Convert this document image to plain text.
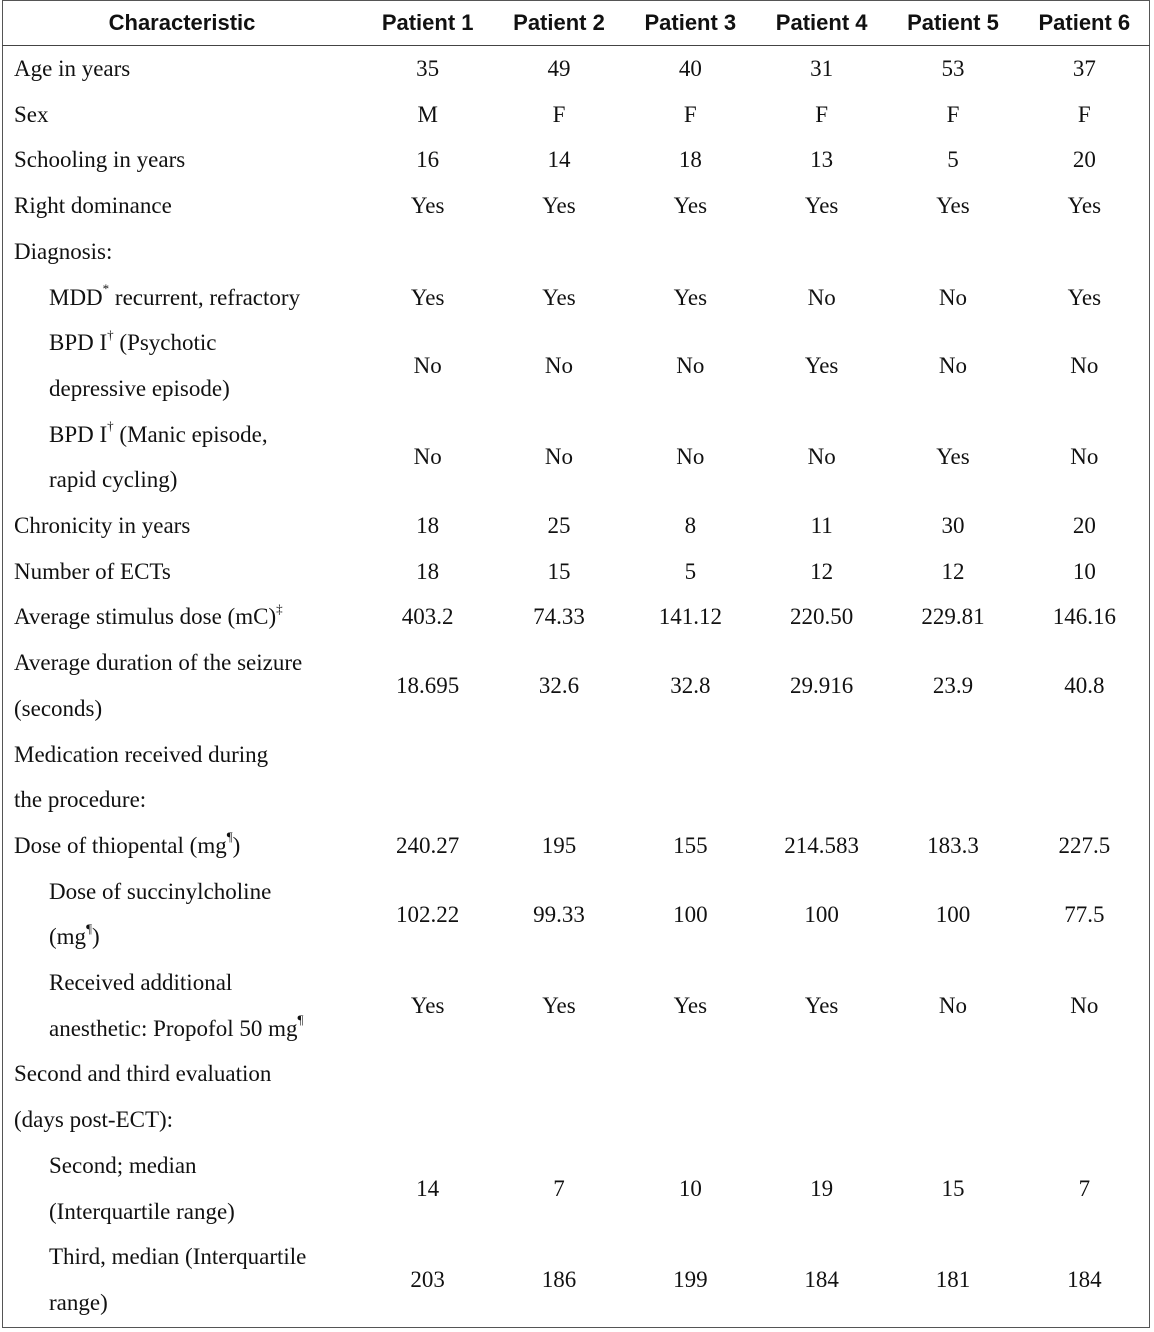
Characteristic	Patient 1	Patient 2	Patient 3	Patient 4	Patient 5	Patient 6
Age in years	35	49	40	31	53	37
Sex	M	F	F	F	F	F
Schooling in years	16	14	18	13	5	20
Right dominance	Yes	Yes	Yes	Yes	Yes	Yes
Diagnosis:						
MDD* recurrent, refractory	Yes	Yes	Yes	No	No	Yes
BPD I† (Psychotic
depressive episode)	No	No	No	Yes	No	No
BPD I† (Manic episode,
rapid cycling)	No	No	No	No	Yes	No
Chronicity in years	18	25	8	11	30	20
Number of ECTs	18	15	5	12	12	10
Average stimulus dose (mC)‡	403.2	74.33	141.12	220.50	229.81	146.16
Average duration of the seizure
(seconds)	18.695	32.6	32.8	29.916	23.9	40.8
Medication received during
the procedure:						
Dose of thiopental (mg¶)	240.27	195	155	214.583	183.3	227.5
Dose of succinylcholine
(mg¶)	102.22	99.33	100	100	100	77.5
Received additional
anesthetic: Propofol 50 mg¶	Yes	Yes	Yes	Yes	No	No
Second and third evaluation
(days post-ECT):						
Second; median
(Interquartile range)	14	7	10	19	15	7
Third, median (Interquartile
range)	203	186	199	184	181	184
